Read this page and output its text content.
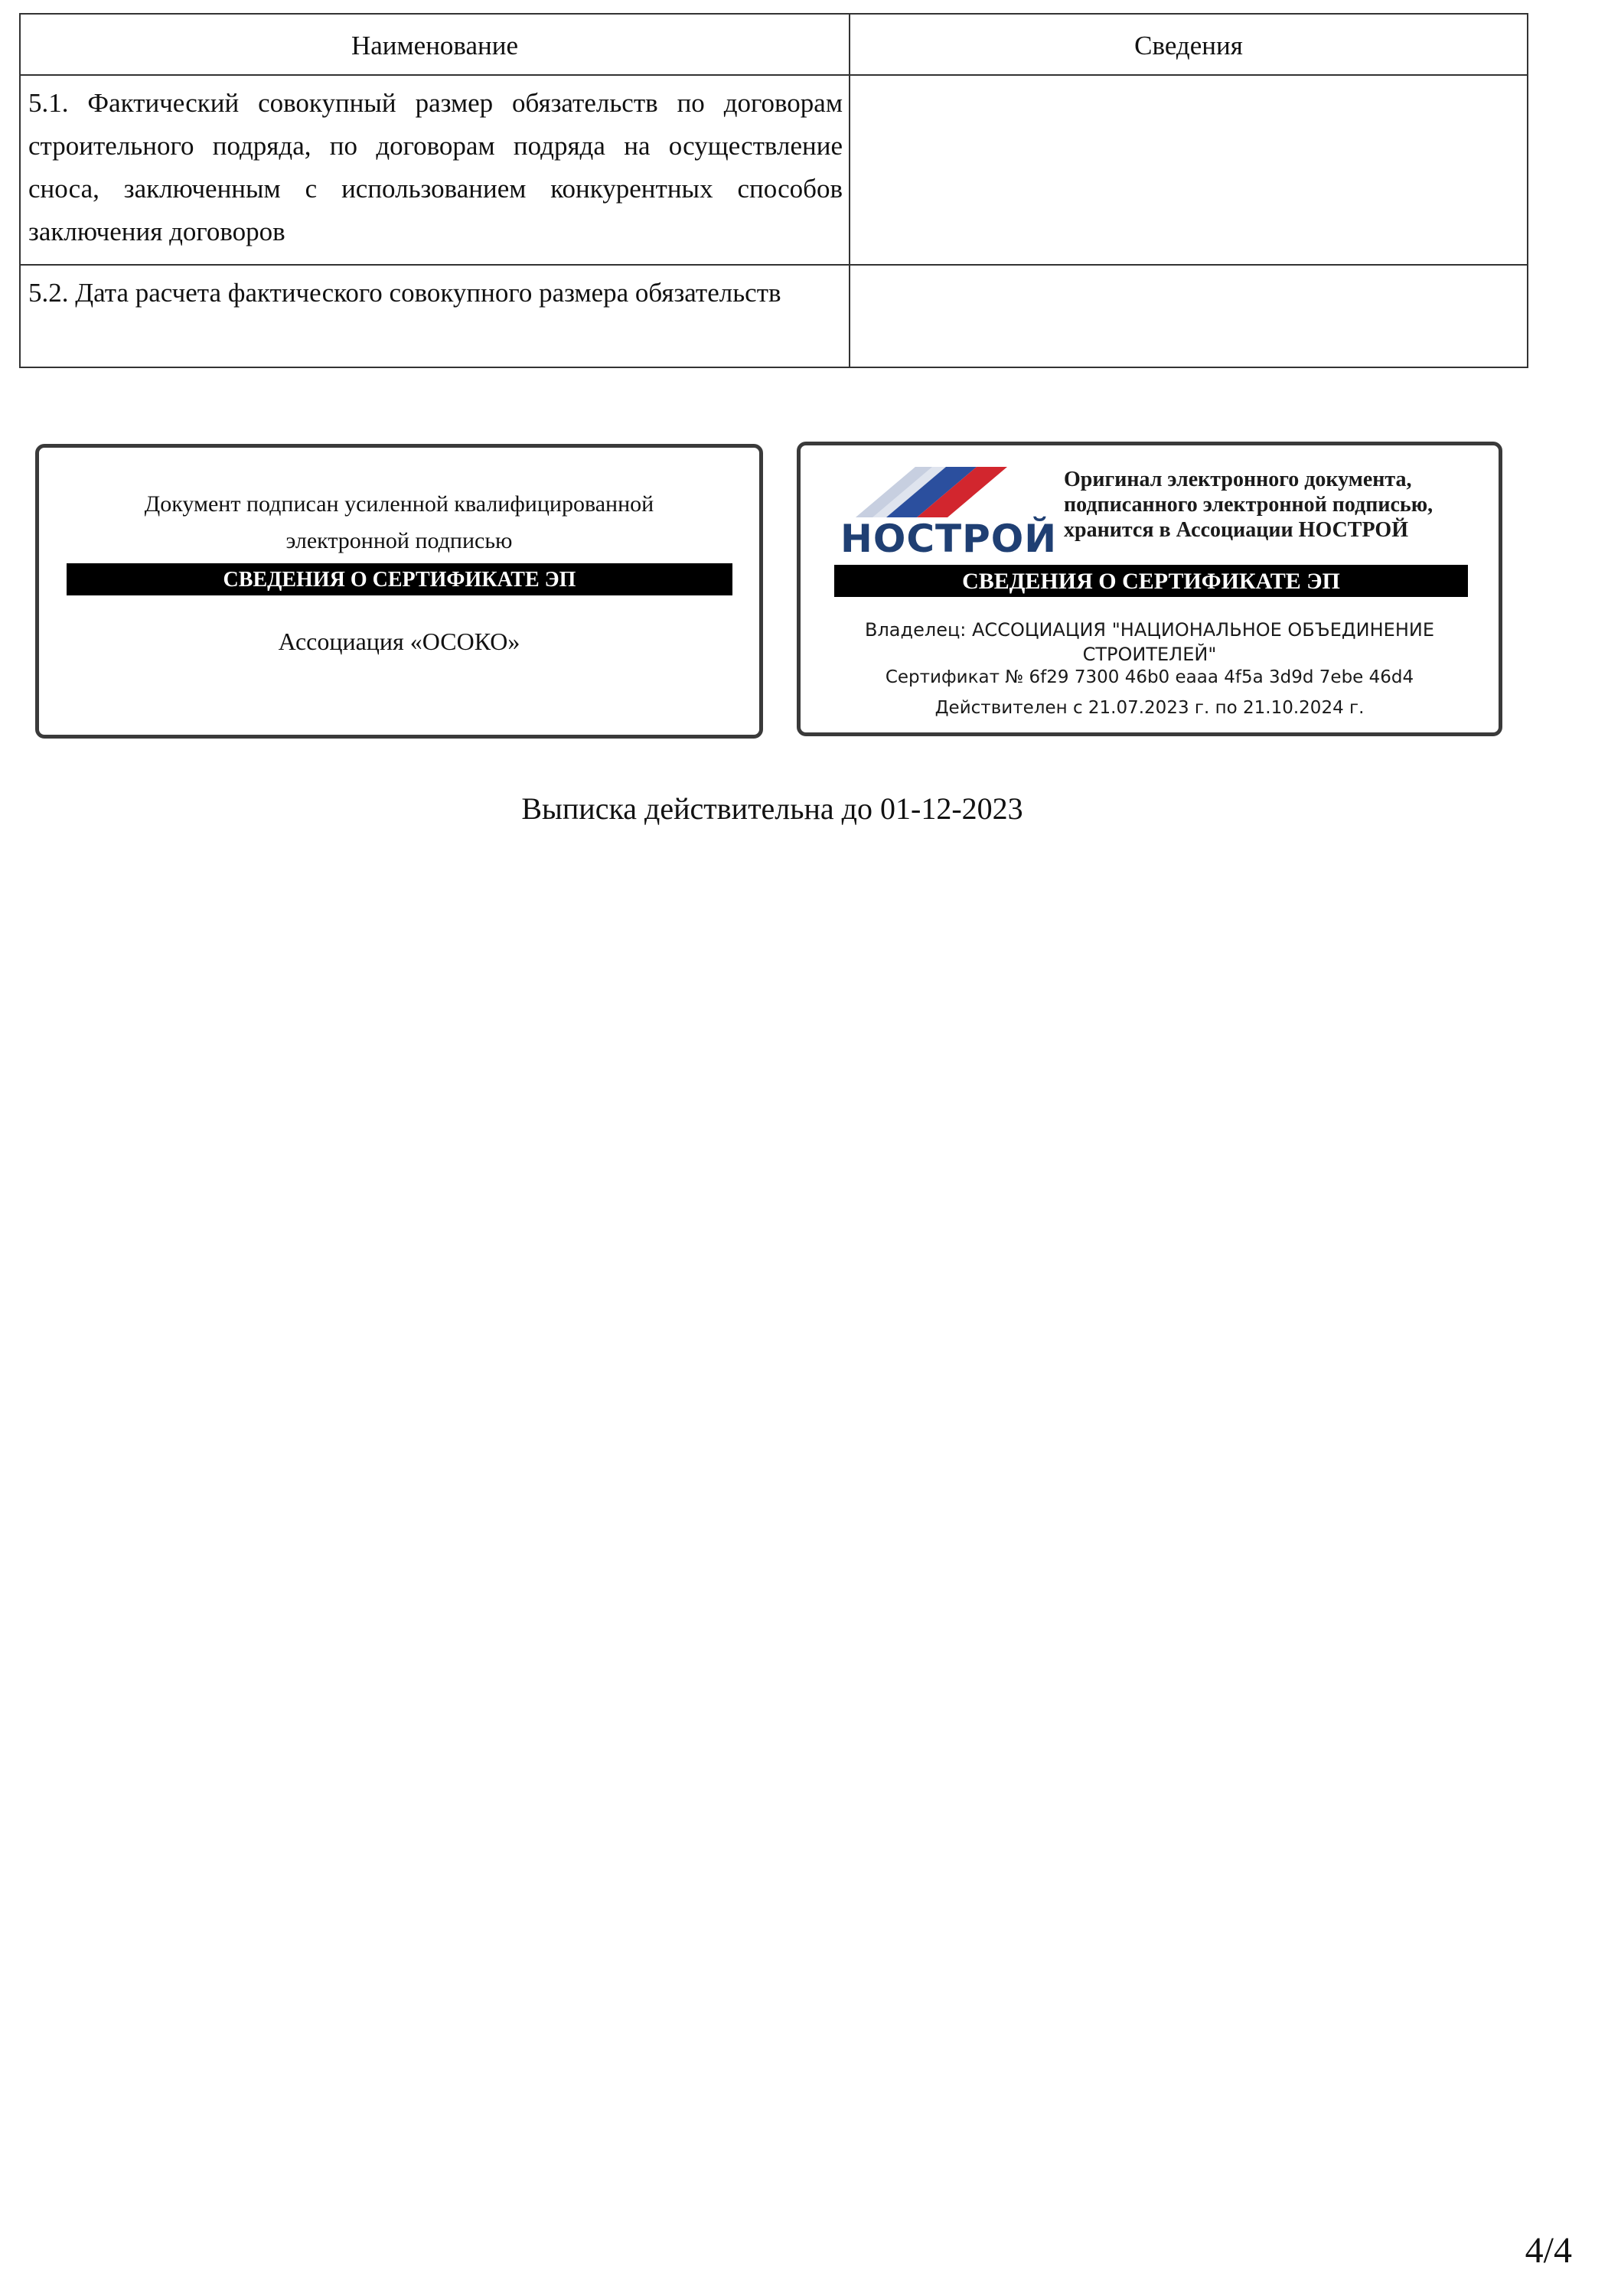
Наименование	Сведения
5.1. Фактический совокупный размер обязательств по договорам строительного подряда, по договорам подряда на осуществление сноса, заключенным с использованием конкурентных способов заключения договоров	
5.2. Дата расчета фактического совокупного размера обязательств	
Документ подписан усиленной квалифицированной
электронной подписью
СВЕДЕНИЯ О СЕРТИФИКАТЕ ЭП
Ассоциация «ОСОКО»
НОСТРОЙ
Оригинал электронного документа,
подписанного электронной подписью,
хранится в Ассоциации НОСТРОЙ
СВЕДЕНИЯ О СЕРТИФИКАТЕ ЭП
Владелец: АССОЦИАЦИЯ "НАЦИОНАЛЬНОЕ ОБЪЕДИНЕНИЕ СТРОИТЕЛЕЙ"
Сертификат № 6f29 7300 46b0 eaaa 4f5a 3d9d 7ebe 46d4
Действителен с 21.07.2023 г. по 21.10.2024 г.
Выписка действительна до 01-12-2023
4/4
